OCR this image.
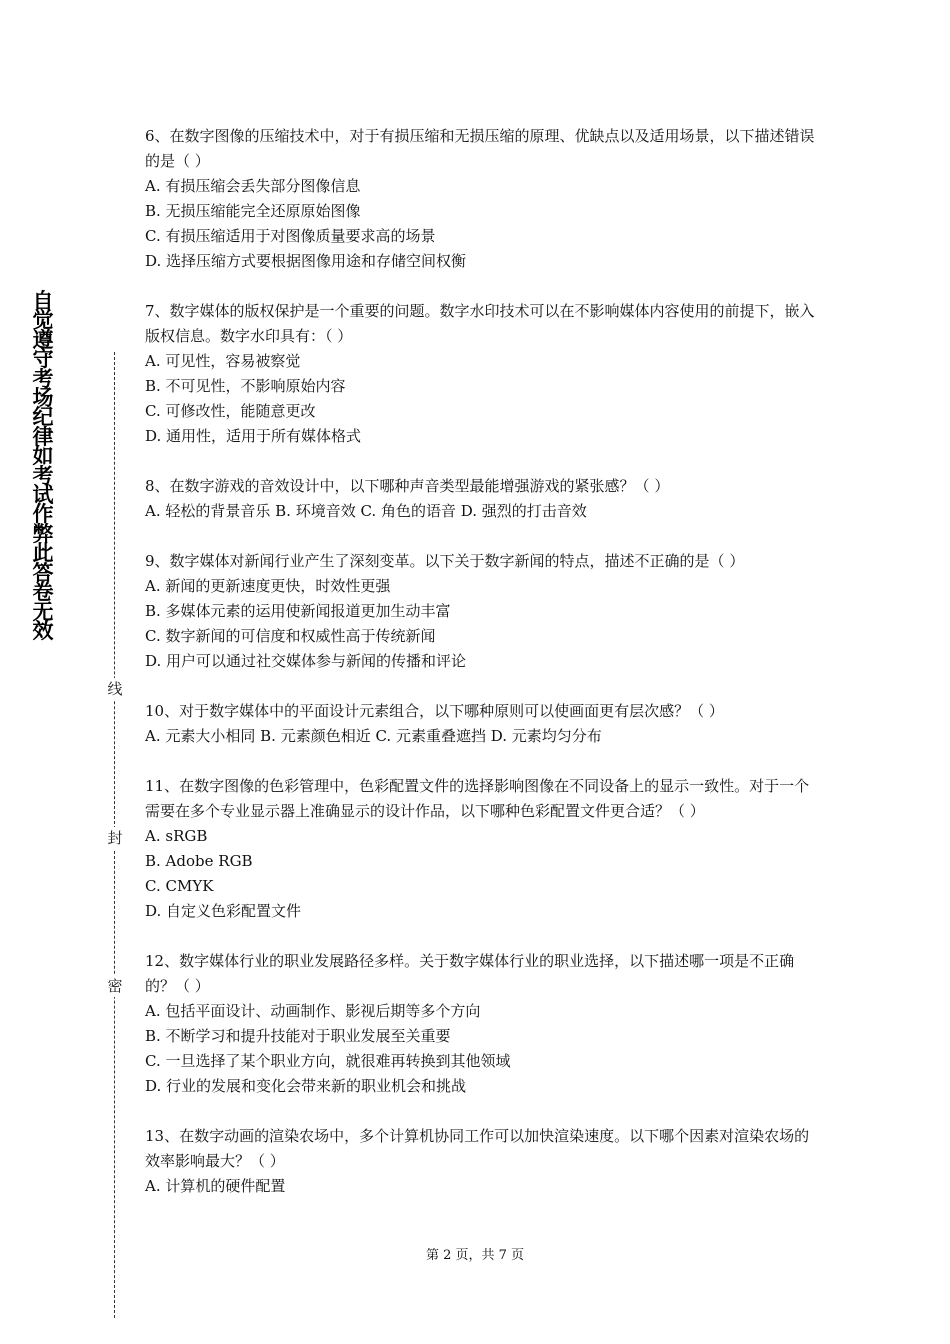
自觉遵守考场纪律如考试作弊此答卷无效
线
封
密

6、在数字图像的压缩技术中，对于有损压缩和无损压缩的原理、优缺点以及适用场景，以下描述错误的是（ ）

A. 有损压缩会丢失部分图像信息

B. 无损压缩能完全还原原始图像

C. 有损压缩适用于对图像质量要求高的场景

D. 选择压缩方式要根据图像用途和存储空间权衡

7、数字媒体的版权保护是一个重要的问题。数字水印技术可以在不影响媒体内容使用的前提下，嵌入版权信息。数字水印具有：（ ）

A. 可见性，容易被察觉

B. 不可见性，不影响原始内容

C. 可修改性，能随意更改

D. 通用性，适用于所有媒体格式

8、在数字游戏的音效设计中，以下哪种声音类型最能增强游戏的紧张感？（ ）

A. 轻松的背景音乐 B. 环境音效 C. 角色的语音 D. 强烈的打击音效

9、数字媒体对新闻行业产生了深刻变革。以下关于数字新闻的特点，描述不正确的是（ ）

A. 新闻的更新速度更快，时效性更强

B. 多媒体元素的运用使新闻报道更加生动丰富

C. 数字新闻的可信度和权威性高于传统新闻

D. 用户可以通过社交媒体参与新闻的传播和评论

10、对于数字媒体中的平面设计元素组合，以下哪种原则可以使画面更有层次感？（ ）

A. 元素大小相同 B. 元素颜色相近 C. 元素重叠遮挡 D. 元素均匀分布

11、在数字图像的色彩管理中，色彩配置文件的选择影响图像在不同设备上的显示一致性。对于一个需要在多个专业显示器上准确显示的设计作品，以下哪种色彩配置文件更合适？（ ）

A. sRGB

B. Adobe RGB

C. CMYK

D. 自定义色彩配置文件

12、数字媒体行业的职业发展路径多样。关于数字媒体行业的职业选择，以下描述哪一项是不正确的？（ ）

A. 包括平面设计、动画制作、影视后期等多个方向

B. 不断学习和提升技能对于职业发展至关重要

C. 一旦选择了某个职业方向，就很难再转换到其他领域

D. 行业的发展和变化会带来新的职业机会和挑战

13、在数字动画的渲染农场中，多个计算机协同工作可以加快渲染速度。以下哪个因素对渲染农场的效率影响最大？（ ）

A. 计算机的硬件配置

第 2 页，共 7 页
